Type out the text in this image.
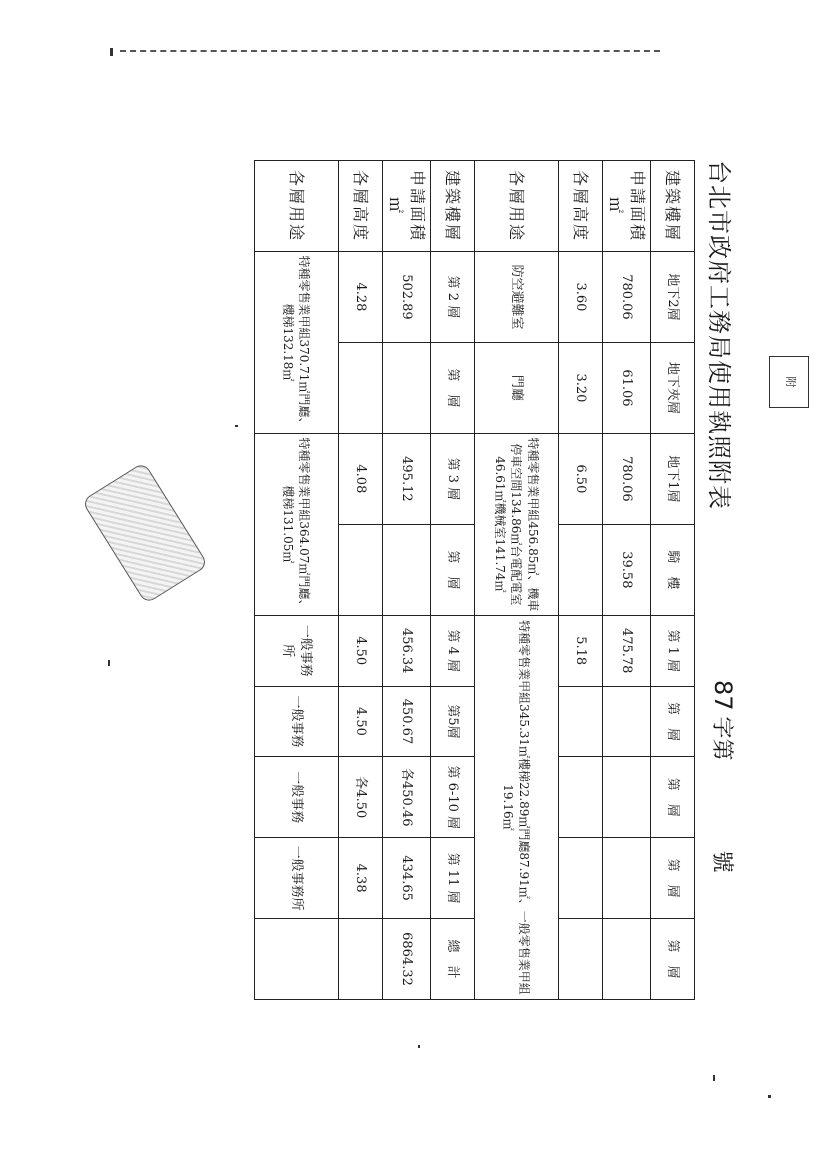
附
台北市政府工務局使用執照附表
87字第號
建築樓層	地下2層	地下夾層	地下1層	騎　樓	第 1 層	第　層	第　層	第　層	第　層
申請面積㎡	780.06	61.06	780.06	39.58	475.78				
各層高度	3.60	3.20	6.50		5.18				
各層用途	防空避難室	門廳	特種零售業甲組456.85㎡、機車停車空間134.86㎡台電配電室46.61㎡機械室141.74㎡		特種零售業甲組345.31㎡樓梯22.89㎡門廳87.91㎡、一般零售業甲組19.16㎡				
建築樓層	第 2 層	第　層	第 3 層	第　層	第 4 層	第5層	第 6-10 層	第 11 層	總　計
申請面積㎡	502.89		495.12		456.34	450.67	各450.46	434.65	6864.32
各層高度	4.28		4.08		4.50	4.50	各4.50	4.38	
各層用途	特種零售業甲組370.71㎡門廳、樓梯132.18㎡		特種零售業甲組364.07㎡門廳、樓梯131.05㎡		一般事務所	一般事務	一般事務	一般事務所	
